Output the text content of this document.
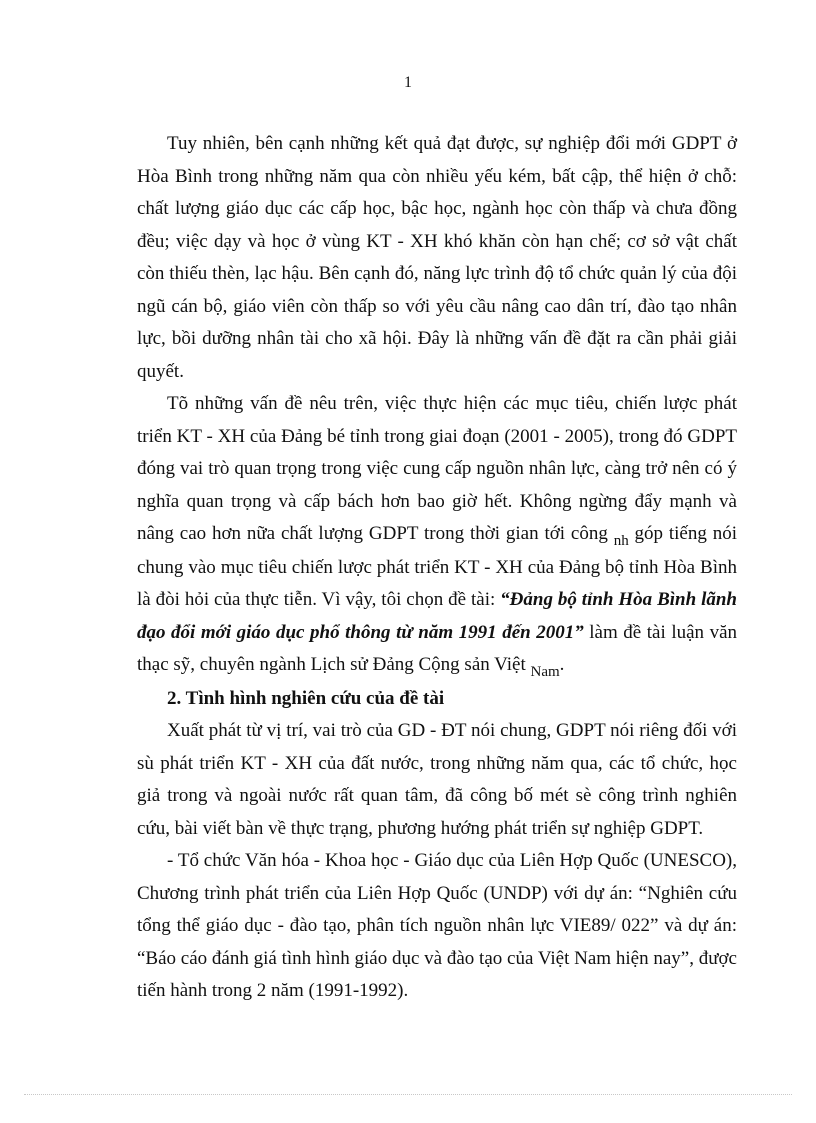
1

Tuy nhiên, bên cạnh những kết quả đạt được, sự nghiệp đổi mới GDPT ở Hòa Bình trong những năm qua còn nhiều yếu kém, bất cập, thể hiện ở chỗ: chất lượng giáo dục các cấp học, bậc học, ngành học còn thấp và chưa đồng đều; việc dạy và học ở vùng KT - XH khó khăn còn hạn chế; cơ sở vật chất còn thiếu thèn, lạc hậu. Bên cạnh đó, năng lực trình độ tổ chức quản lý của đội ngũ cán bộ, giáo viên còn thấp so với yêu cầu nâng cao dân trí, đào tạo nhân lực, bồi dưỡng nhân tài cho xã hội. Đây là những vấn đề đặt ra cần phải giải quyết.

Tõ những vấn đề nêu trên, việc thực hiện các mục tiêu, chiến lược phát triển KT - XH của Đảng bé tỉnh trong giai đoạn (2001 - 2005), trong đó GDPT đóng vai trò quan trọng trong việc cung cấp nguồn nhân lực, càng trở nên có ý nghĩa quan trọng và cấp bách hơn bao giờ hết. Không ngừng đẩy mạnh và nâng cao hơn nữa chất lượng GDPT trong thời gian tới công $_{nh}$ góp tiếng nói chung vào mục tiêu chiến lược phát triển KT - XH của Đảng bộ tỉnh Hòa Bình là đòi hỏi của thực tiễn. Vì vậy, tôi chọn đề tài: “Đảng bộ tỉnh Hòa Bình lãnh đạo đổi mới giáo dục phổ thông từ năm 1991 đến 2001” làm đề tài luận văn thạc sỹ, chuyên ngành Lịch sử Đảng Cộng sản Việt $_{Nam}$.

2. Tình hình nghiên cứu của đề tài

Xuất phát từ vị trí, vai trò của GD - ĐT nói chung, GDPT nói riêng đối với sù phát triển KT - XH của đất nước, trong những năm qua, các tổ chức, học giả trong và ngoài nước rất quan tâm, đã công bố mét sè công trình nghiên cứu, bài viết bàn về thực trạng, phương hướng phát triển sự nghiệp GDPT.

- Tổ chức Văn hóa - Khoa học - Giáo dục của Liên Hợp Quốc (UNESCO), Chương trình phát triển của Liên Hợp Quốc (UNDP) với dự án: “Nghiên cứu tổng thể giáo dục - đào tạo, phân tích nguồn nhân lực VIE89/ 022” và dự án: “Báo cáo đánh giá tình hình giáo dục và đào tạo của Việt Nam hiện nay”, được tiến hành trong 2 năm (1991-1992).
